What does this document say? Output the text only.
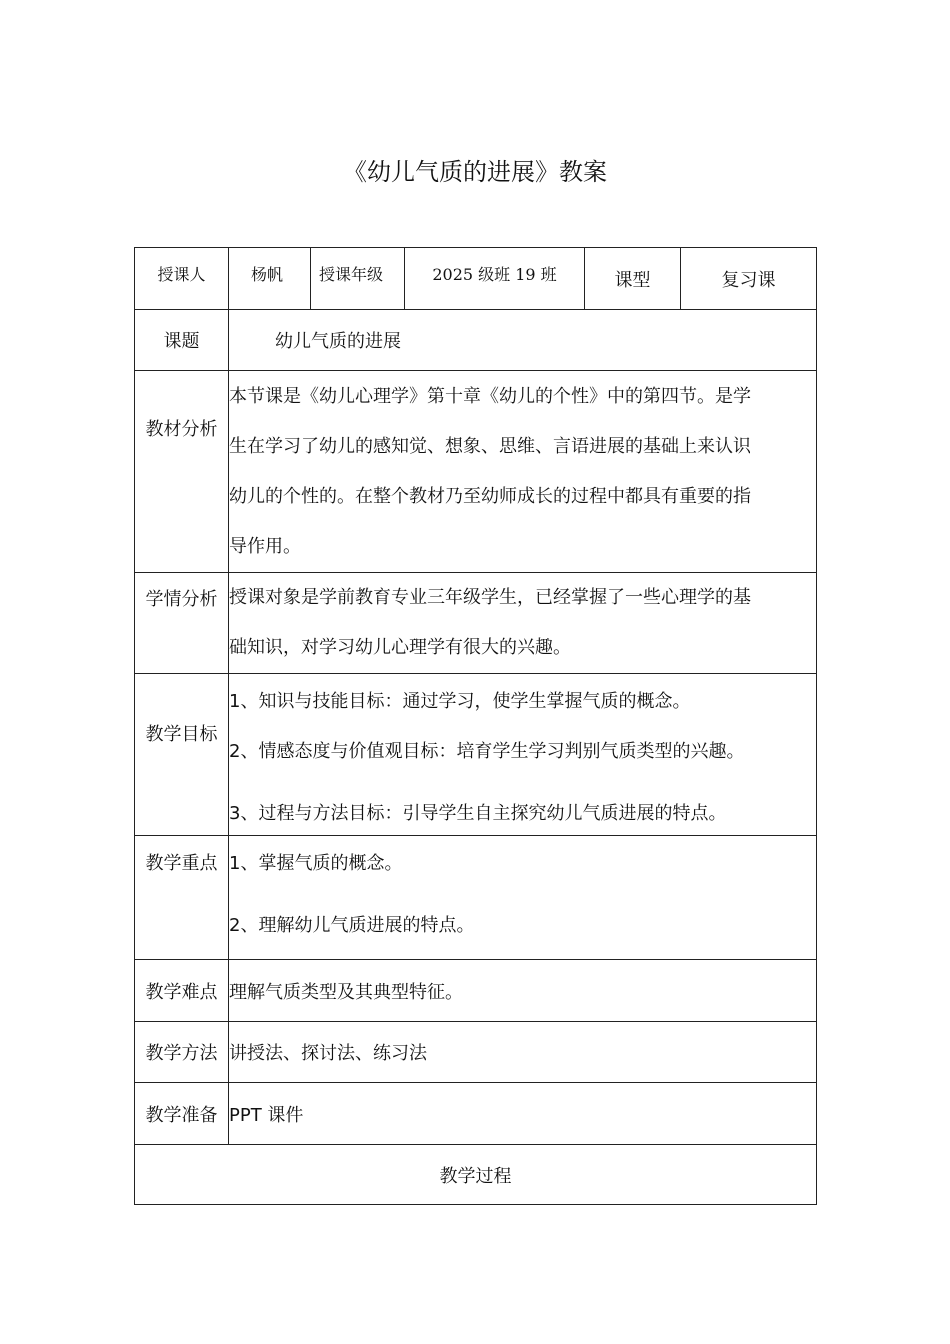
《幼儿气质的进展》教案
授课人	杨帆	授课年级	2025 级班 19 班	课型	复习课
课题	幼儿气质的进展				
教材分析	本节课是《幼儿心理学》第十章《幼儿的个性》中的第四节。是学
生在学习了幼儿的感知觉、想象、思维、言语进展的基础上来认识
幼儿的个性的。在整个教材乃至幼师成长的过程中都具有重要的指
导作用。				

学情分析	授课对象是学前教育专业三年级学生，已经掌握了一些心理学的基
础知识，对学习幼儿心理学有很大的兴趣。				

教学目标	1、知识与技能目标：通过学习，使学生掌握气质的概念。
2、情感态度与价值观目标：培育学生学习判别气质类型的兴趣。
3、过程与方法目标：引导学生自主探究幼儿气质进展的特点。				

教学重点	1、掌握气质的概念。
2、理解幼儿气质进展的特点。				

教学难点	理解气质类型及其典型特征。				
教学方法	讲授法、探讨法、练习法				
教学准备	PPT 课件				
教学过程					
